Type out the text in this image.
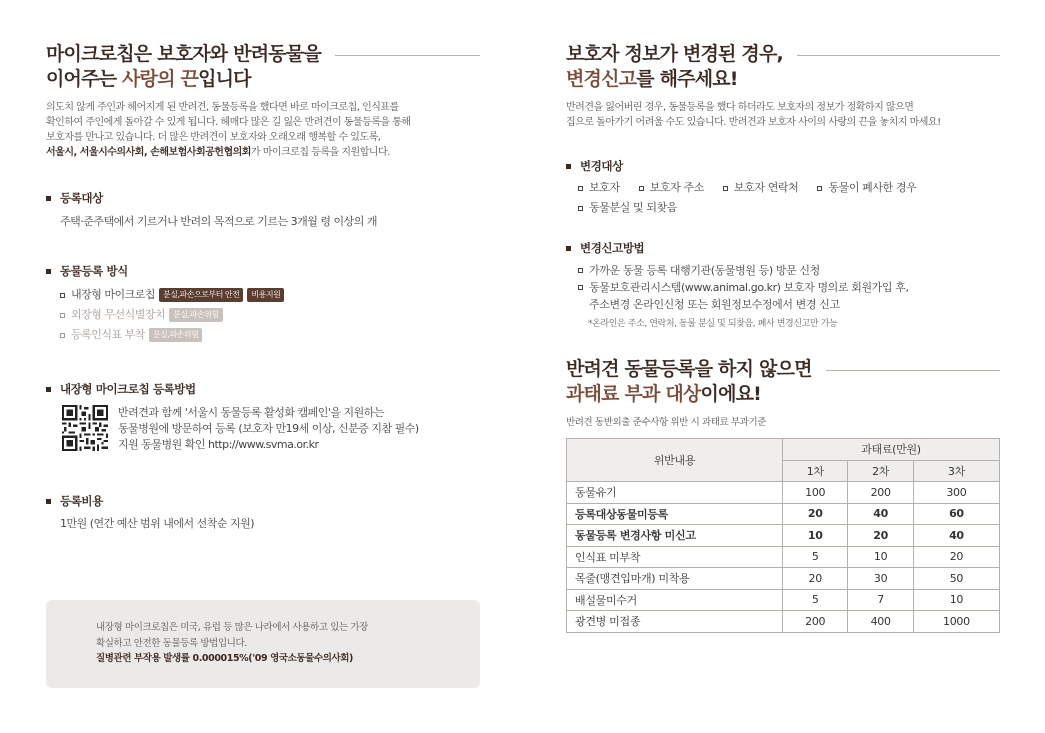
마이크로칩은 보호자와 반려동물을
이어주는 사랑의 끈입니다
의도치 않게 주인과 헤어지게 된 반려견, 동물등록을 했다면 바로 마이크로칩, 인식표를
확인하여 주인에게 돌아갈 수 있게 됩니다. 헤매다 많은 길 잃은 반려견이 동물등록을 통해
보호자를 만나고 있습니다. 더 많은 반려견이 보호자와 오래오래 행복할 수 있도록,
서울시, 서울시수의사회, 손해보험사회공헌협의회가 마이크로칩 등록을 지원합니다.
등록대상
주택·준주택에서 기르거나 반려의 목적으로 기르는 3개월 령 이상의 개
동물등록 방식
내장형 마이크로칩	분실,파손으로부터 안전	비용지원
외장형 무선식별장치	분실,파손위험
등록인식표 부착	분실,파손위험
내장형 마이크로칩 등록방법
반려견과 함께 '서울시 동물등록 활성화 캠페인'을 지원하는
동물병원에 방문하여 등록 (보호자 만19세 이상, 신분증 지참 필수)
지원 동물병원 확인 http://www.svma.or.kr
등록비용
1만원 (연간 예산 범위 내에서 선착순 지원)
내장형 마이크로칩은 미국, 유럽 등 많은 나라에서 사용하고 있는 가장
확실하고 안전한 동물등록 방법입니다.
질병관련 부작용 발생률 0.000015%('09 영국소동물수의사회)
보호자 정보가 변경된 경우,
변경신고를 해주세요!
반려견을 잃어버린 경우, 동물등록을 했다 하더라도 보호자의 정보가 정확하지 않으면
집으로 돌아가기 어려울 수도 있습니다. 반려견과 보호자 사이의 사랑의 끈을 놓치지 마세요!
변경대상
보호자	보호자 주소	보호자 연락처	동물이 폐사한 경우
동물분실 및 되찾음
변경신고방법
가까운 동물 등록 대행기관(동물병원 등) 방문 신청
동물보호관리시스템(www.animal.go.kr) 보호자 명의로 회원가입 후,
주소변경 온라인신청 또는 회원정보수정에서 변경 신고
*온라인은 주소, 연락처, 동물 분실 및 되찾음, 폐사 변경신고만 가능
반려견 동물등록을 하지 않으면
과태료 부과 대상이에요!
반려견 동반외출 준수사항 위반 시 과태료 부과기준
위반내용	과태료(만원)		
	1차	2차	3차
동물유기	100	200	300
등록대상동물미등록	20	40	60
동물등록 변경사항 미신고	10	20	40
인식표 미부착	5	10	20
목줄(맹견입마개) 미착용	20	30	50
배설물미수거	5	7	10
광견병 미접종	200	400	1000
